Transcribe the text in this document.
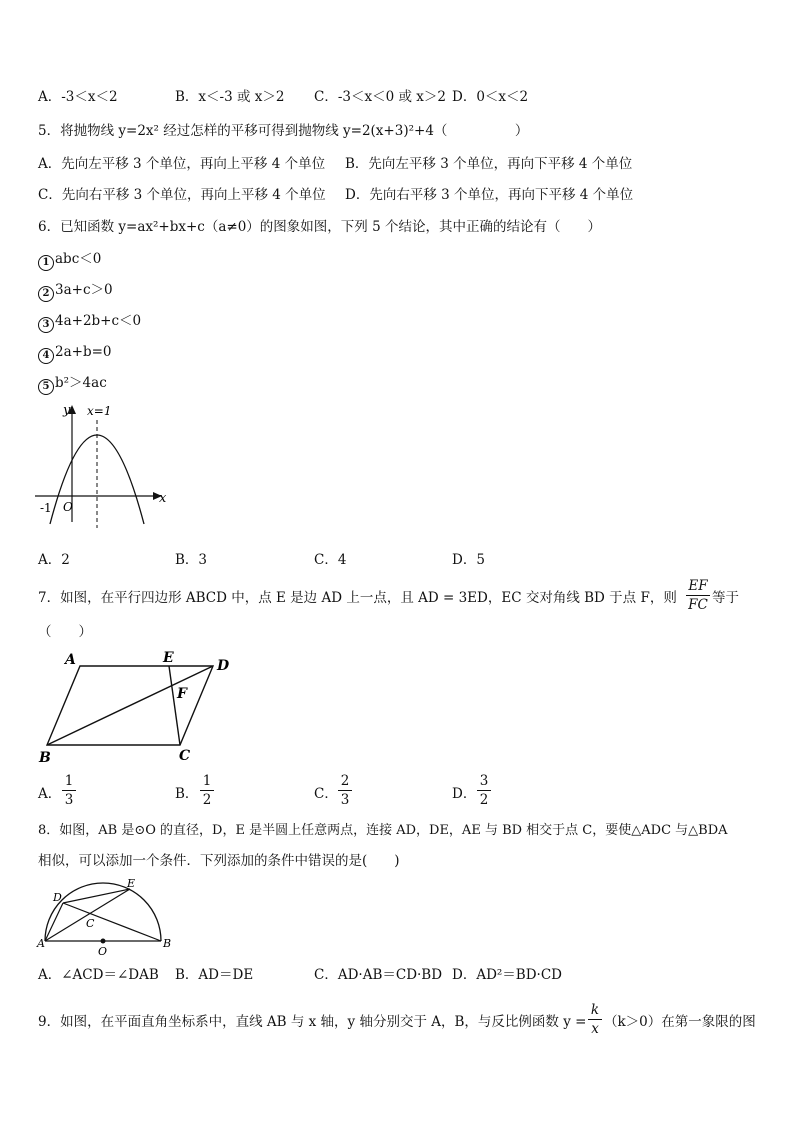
A．-3＜x＜2	B．x＜-3 或 x＞2 C．-3＜x＜0 或 x＞2 D．0＜x＜2
5．将抛物线 y=2x² 经过怎样的平移可得到抛物线 y=2(x+3)²+4（　　　　　）
A．先向左平移 3 个单位，再向上平移 4 个单位 B．先向左平移 3 个单位，再向下平移 4 个单位
C．先向右平移 3 个单位，再向上平移 4 个单位 D．先向右平移 3 个单位，再向下平移 4 个单位
6．已知函数 y=ax²+bx+c（a≠0）的图象如图，下列 5 个结论，其中正确的结论有（　　）
1 abc＜0
2 3a+c＞0
3 4a+2b+c＜0
4 2a+b=0
5 b²＞4ac
y x=1
x
-1 O
A．2	B．3	C．4	D．5
7．如图，在平行四边形 ABCD 中，点 E 是边 AD 上一点，且 AD = 3ED，EC 交对角线 BD 于点 F，则 $\frac{EF}{FC}$ 等于
（　　）
A	E	D
F
B	C
A． $\frac{1}{3}$	B． $\frac{1}{2}$	C． $\frac{2}{3}$	D． $\frac{3}{2}$
8．如图，AB 是⊙O 的直径，D，E 是半圆上任意两点，连接 AD，DE，AE 与 BD 相交于点 C，要使△ADC 与△BDA
相似，可以添加一个条件．下列添加的条件中错误的是(　　)
D
E
C
A	B
O
A．∠ACD＝∠DAB B．AD＝DE	C．AD·AB＝CD·BD D．AD²＝BD·CD
9．如图，在平面直角坐标系中，直线 AB 与 x 轴，y 轴分别交于 A，B，与反比例函数 $y = \frac{k}{x} (k>0)$在第一象限的图
